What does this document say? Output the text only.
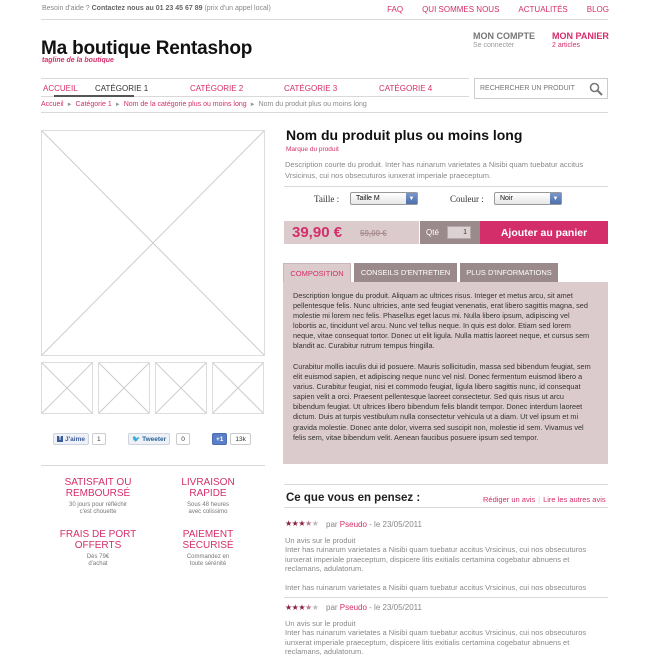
Besoin d'aide ? Contactez nous au 01 23 45 67 89 (prix d'un appel local)	FAQ QUI SOMMES NOUS ACTUALITÉS BLOG
Ma boutique Rentashop
tagline de la boutique
MON COMPTE
Se connecter
MON PANIER
2 articles
ACCUEIL CATÉGORIE 1	CATÉGORIE 2	CATÉGORIE 3	CATÉGORIE 4
RECHERCHER UN PRODUIT
Accueil ► Catégorie 1 ► Nom de la catégorie plus ou moins long ► Nom du produit plus ou moins long
f J'aime	1	🐦 Tweeter	0	+1	13k
SATISFAIT OU REMBOURSÉ
30 jours pour réfléchir c'est chouette
LIVRAISON RAPIDE
Sous 48 heures avec colissimo
FRAIS DE PORT OFFERTS
Dès 79€ d'achat
PAIEMENT SÉCURISÉ
Commandez en toute sérénité
Nom du produit plus ou moins long
Marque du produit
Description courte du produit. Inter has ruinarum varietates a Nisibi quam tuebatur accitus Vrsicinus, cui nos obsecuturos iunxerat imperiale praeceptum.
Taille : Taille M	▼	Couleur : Noir	▼
39,90 € 59,00 €	Qté	1	Ajouter au panier
COMPOSITION	CONSEILS D'ENTRETIEN	PLUS D'INFORMATIONS
Description longue du produit. Aliquam ac ultrices risus. Integer et metus arcu, sit amet pellentesque felis. Nunc ultricies, ante sed feugiat venenatis, erat libero sagittis magna, sed molestie mi lorem nec felis. Phasellus eget lacus mi. Nulla libero ipsum, adipiscing vel lobortis ac, tincidunt vel arcu. Nunc vel tellus neque. In quis est dolor. Etiam sed lorem neque, vitae consequat tortor. Donec ut elit ligula. Nulla mattis laoreet neque, et cursus sem blandit ac. Curabitur rutrum tempus fringilla.
Curabitur mollis iaculis dui id posuere. Mauris sollicitudin, massa sed bibendum feugiat, sem elit euismod sapien, et adipiscing neque nunc vel nisl. Donec fermentum euismod libero a varius. Curabitur feugiat, nisi et commodo feugiat, ligula libero sagittis nunc, id consequat sapien velit a orci. Praesent pellentesque laoreet consectetur. Sed quis risus ut arcu bibendum feugiat. Ut ultrices libero bibendum felis blandit tempor. Donec interdum laoreet dictum. Duis at turpis vestibulum nulla consectetur vehicula ut a diam. Ut vel ipsum et mi gravida molestie. Donec ante dolor, viverra sed suscipit non, molestie id sem. Vivamus vel felis sem, vitae bibendum velit. Aenean faucibus posuere ipsum sed tempor.
Ce que vous en pensez :	Rédiger un avis | Lire les autres avis
★★★★★ par Pseudo - le 23/05/2011
Un avis sur le produit
Inter has ruinarum varietates a Nisibi quam tuebatur accitus Vrsicinus, cui nos obsecuturos iunxerat imperiale praeceptum, dispicere litis exitialis certamina cogebatur abnuens et reclamans, adulatorum.
Inter has ruinarum varietates a Nisibi quam tuebatur accitus Vrsicinus, cui nos obsecuturos
★★★★★ par Pseudo - le 23/05/2011
Un avis sur le produit
Inter has ruinarum varietates a Nisibi quam tuebatur accitus Vrsicinus, cui nos obsecuturos iunxerat imperiale praeceptum, dispicere litis exitialis certamina cogebatur abnuens et reclamans, adulatorum.
